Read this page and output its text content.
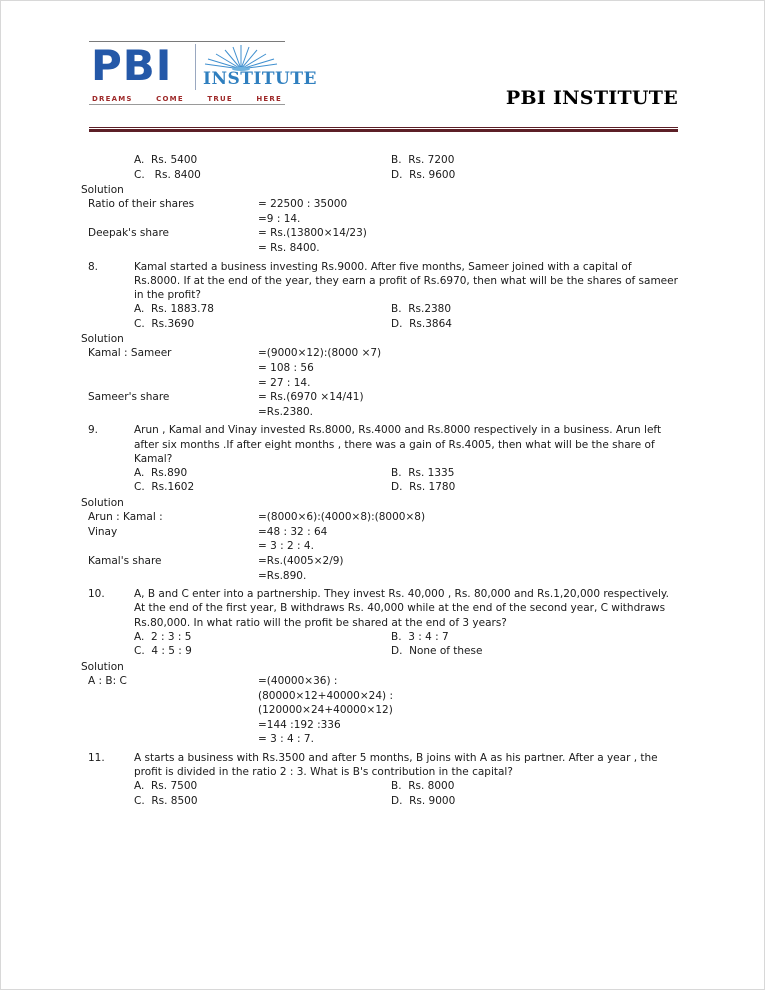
PBI INSTITUTE
DREAMS	COME	TRUE	HERE	PBI INSTITUTE
A.  Rs. 5400	B.  Rs. 7200
C.   Rs. 8400	D.  Rs. 9600
Solution
Ratio of their shares	= 22500 : 35000
=9 : 14.
Deepak's share	= Rs.(13800×14/23)
= Rs. 8400.
8.	Kamal started a business investing Rs.9000. After five months, Sameer joined with a capital of Rs.8000. If at the end of the year, they earn a profit of Rs.6970, then what will be the shares of sameer in the profit?
A.  Rs. 1883.78	B.  Rs.2380
C.  Rs.3690	D.  Rs.3864
Solution
Kamal : Sameer	=(9000×12):(8000 ×7)
= 108 : 56
= 27 : 14.
Sameer's share	= Rs.(6970 ×14/41)
=Rs.2380.
9.	Arun , Kamal and Vinay invested Rs.8000, Rs.4000 and Rs.8000 respectively in a business. Arun left after six months .If after eight months , there was a gain of Rs.4005, then what will be the share of Kamal?
A.  Rs.890	B.  Rs. 1335
C.  Rs.1602	D.  Rs. 1780
Solution
Arun : Kamal :	=(8000×6):(4000×8):(8000×8)
Vinay	=48 : 32 : 64
= 3 : 2 : 4.
Kamal's share	=Rs.(4005×2/9)
=Rs.890.
10.	A, B and C enter into a partnership. They invest Rs. 40,000 , Rs. 80,000 and Rs.1,20,000 respectively. At the end of the first year, B withdraws Rs. 40,000 while at the end of the second year, C withdraws Rs.80,000. In what ratio will the profit be shared at the end of 3 years?
A.  2 : 3 : 5	B.  3 : 4 : 7
C.  4 : 5 : 9	D.  None of these
Solution
A : B: C	=(40000×36) :
(80000×12+40000×24) :
(120000×24+40000×12)
=144 :192 :336
= 3 : 4 : 7.
11.	A starts a business with Rs.3500 and after 5 months, B joins with A as his partner. After a year , the profit is divided in the ratio 2 : 3. What is B's contribution in the capital?
A.  Rs. 7500	B.  Rs. 8000
C.  Rs. 8500	D.  Rs. 9000
